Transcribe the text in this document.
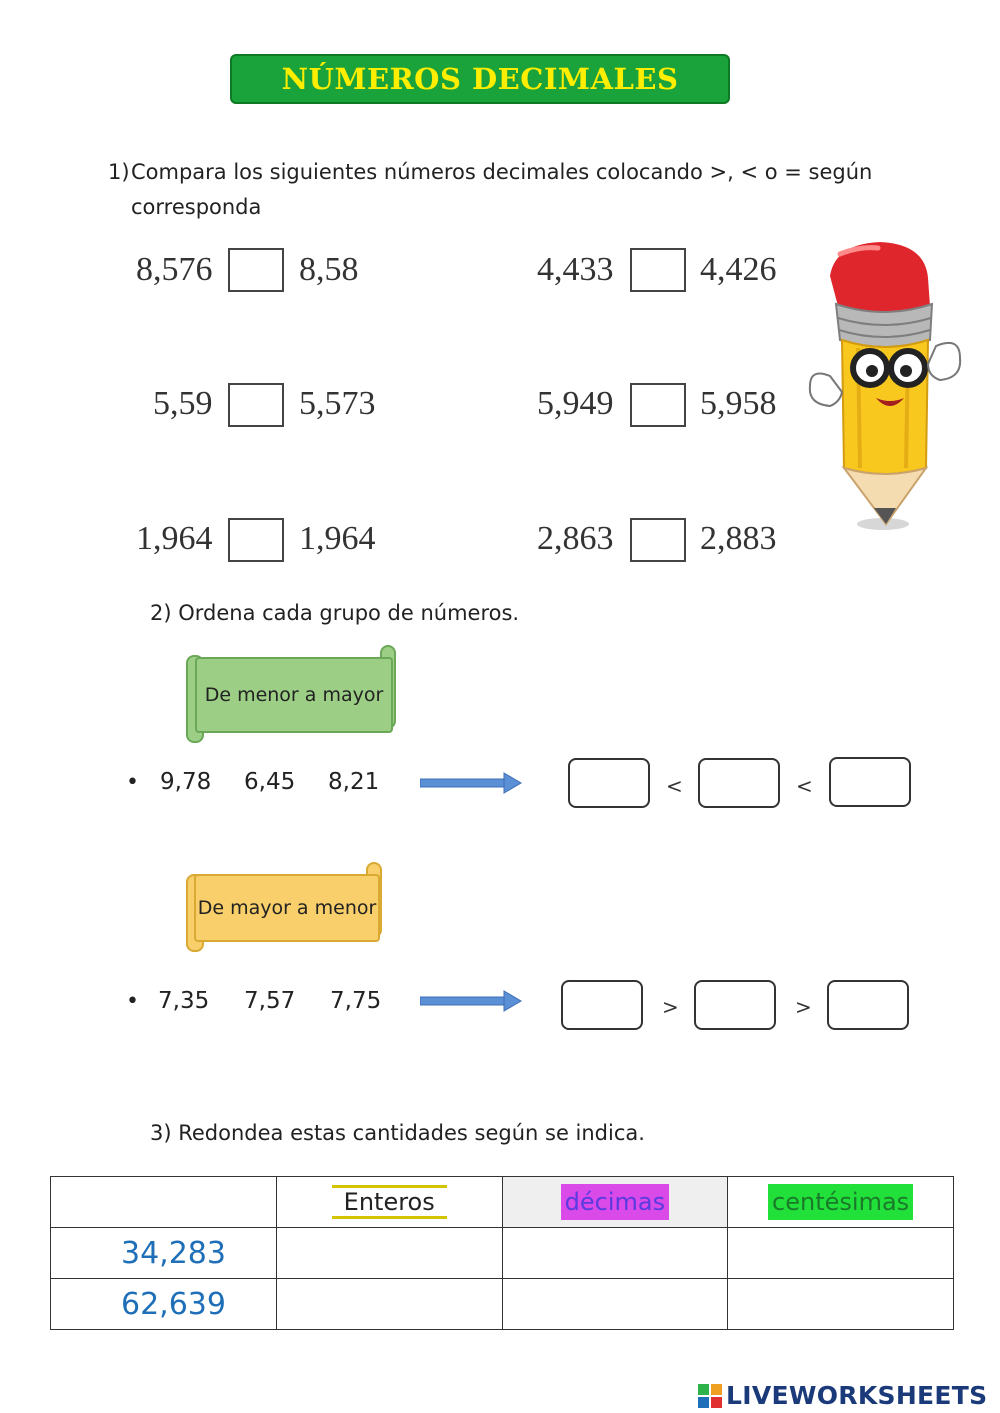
NÚMEROS DECIMALES
1) Compara los siguientes números decimales colocando >, < o = según
corresponda
8,576	8,58	4,433	4,426
5,59	5,573	5,949	5,958
1,964	1,964	2,863	2,883
2) Ordena cada grupo de números.
De menor a mayor
• 9,78 6,45 8,21	<	<
De mayor a menor
• 7,35 7,57 7,75	>	>
3) Redondea estas cantidades según se indica.
	Enteros	décimas	centésimas
34,283			
62,639			
LIVEWORKSHEETS
